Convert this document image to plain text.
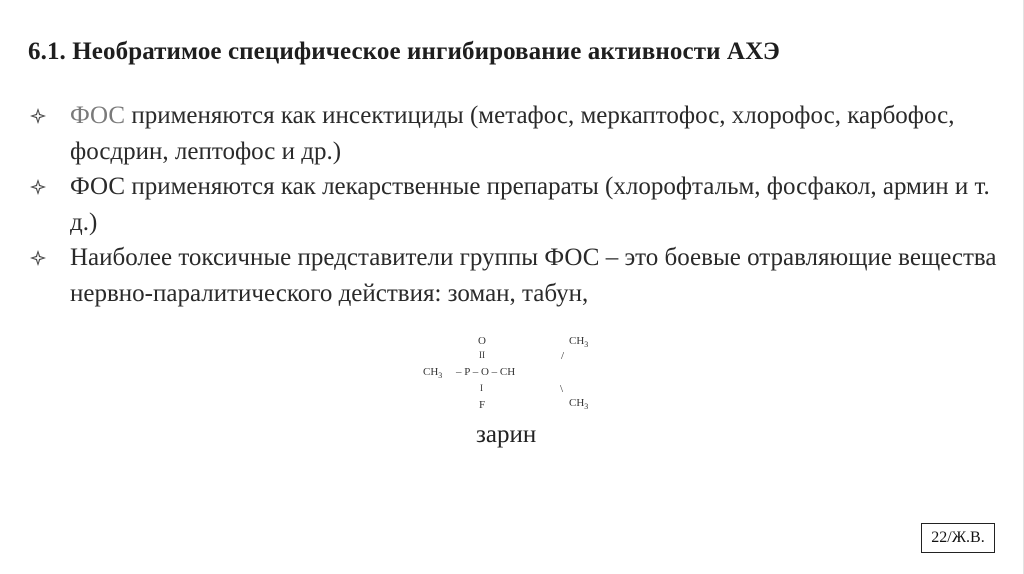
6.1. Необратимое специфическое ингибирование активности АХЭ
ФОС применяются как инсектициды (метафос, меркаптофос, хлорофос, карбофос, фосдрин, лептофос и др.)
ФОС применяются как лекарственные препараты (хлорофтальм, фосфакол, армин и т. д.)
Наиболее токсичные представители группы ФОС – это боевые отравляющие вещества нервно-паралитического действия: зоман, табун,
O
II
$CH_3$
/
$CH_3$ – P – O – CH
I
F
\
$CH_3$
зарин
22/Ж.В.
